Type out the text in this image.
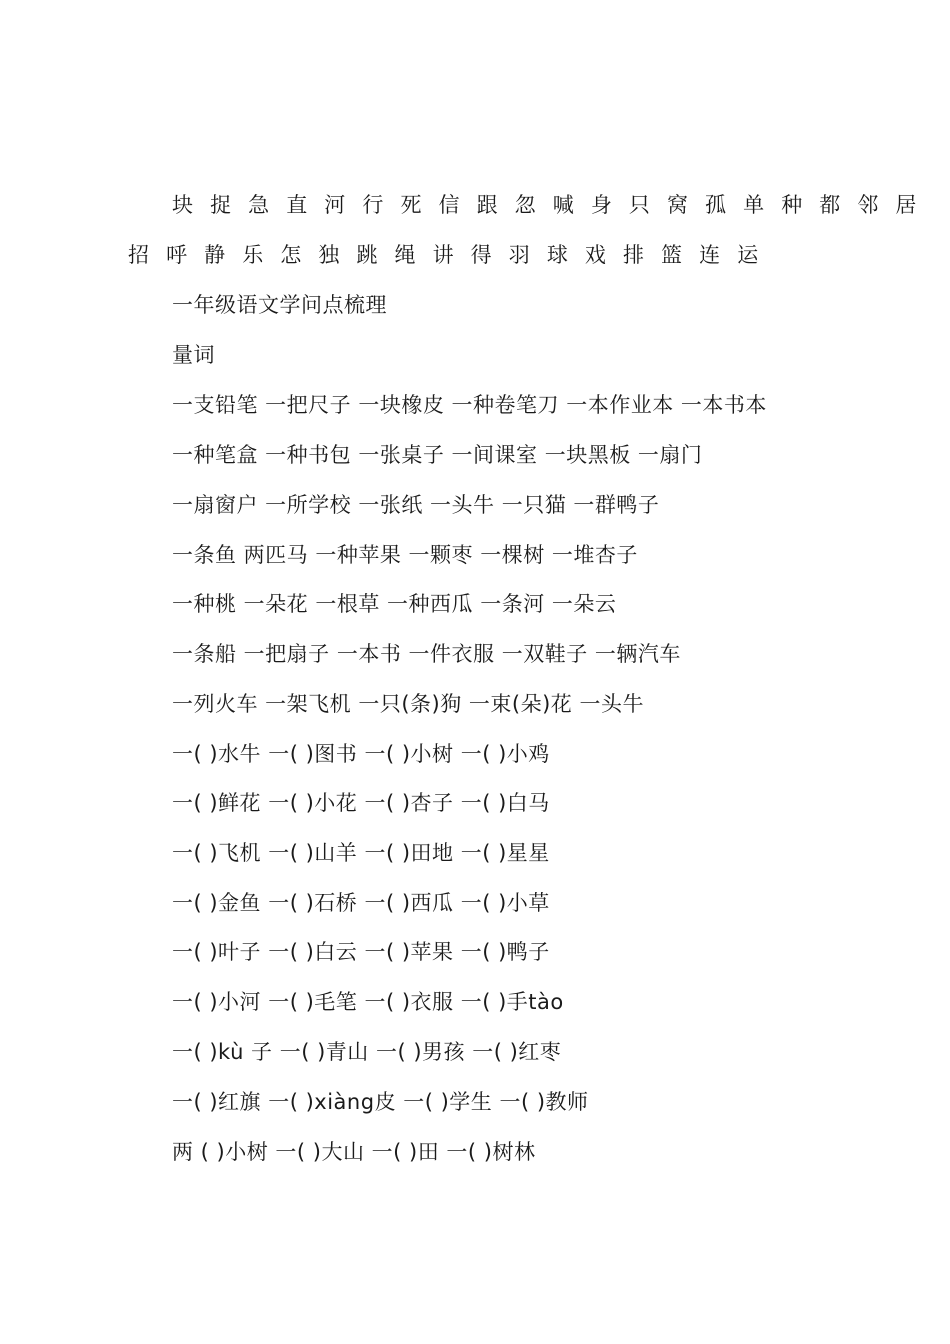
块 捉 急 直 河 行 死 信 跟 忽 喊 身 只 窝 孤 单 种 都 邻 居
招 呼 静 乐 怎 独 跳 绳 讲 得 羽 球 戏 排 篮 连 运
一年级语文学问点梳理
量词
一支铅笔 一把尺子 一块橡皮 一种卷笔刀 一本作业本 一本书本
一种笔盒 一种书包 一张桌子 一间课室 一块黑板 一扇门
一扇窗户 一所学校 一张纸 一头牛 一只猫 一群鸭子
一条鱼 两匹马 一种苹果 一颗枣 一棵树 一堆杏子
一种桃 一朵花 一根草 一种西瓜 一条河 一朵云
一条船 一把扇子 一本书 一件衣服 一双鞋子 一辆汽车
一列火车 一架飞机 一只(条)狗 一束(朵)花 一头牛
一( )水牛 一( )图书 一( )小树 一( )小鸡
一( )鲜花 一( )小花 一( )杏子 一( )白马
一( )飞机 一( )山羊 一( )田地 一( )星星
一( )金鱼 一( )石桥 一( )西瓜 一( )小草
一( )叶子 一( )白云 一( )苹果 一( )鸭子
一( )小河 一( )毛笔 一( )衣服 一( )手tào
一( )kù 子 一( )青山 一( )男孩 一( )红枣
一( )红旗 一( )xiàng皮 一( )学生 一( )教师
两 ( )小树 一( )大山 一( )田 一( )树林
